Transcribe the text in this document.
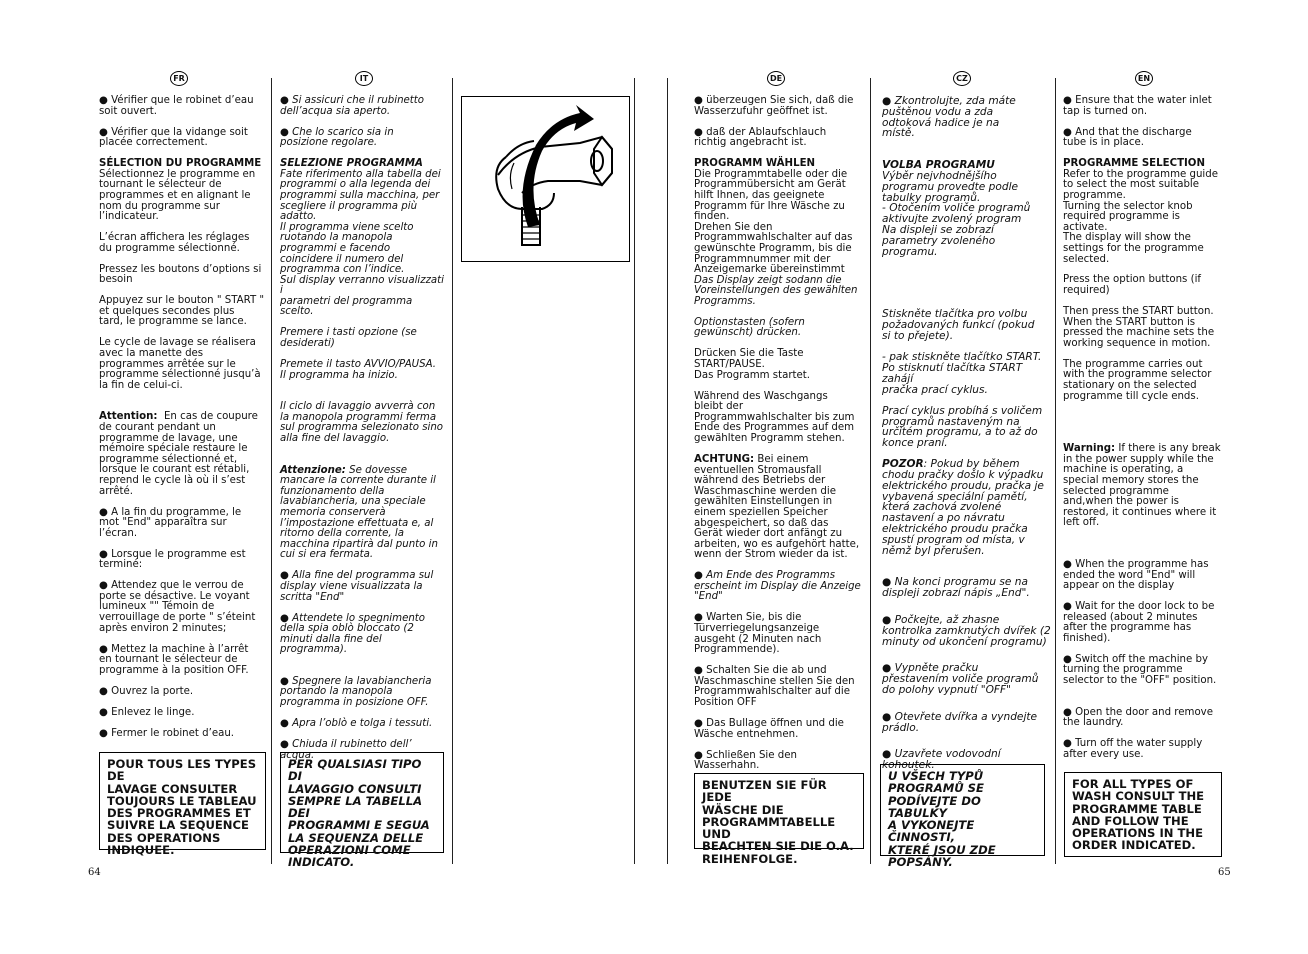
FR	IT	DE	CZ	EN

● Vérifier que le robinet d’eau
soit ouvert.

● Vérifier que la vidange soit
placée correctement.

SÉLECTION DU PROGRAMME
Sélectionnez le programme en
tournant le sélecteur de
programmes et en alignant le
nom du programme sur
l’indicateur.

L’écran affichera les réglages
du programme sélectionné.

Pressez les boutons d’options si
besoin

Appuyez sur le bouton " START "
et quelques secondes plus
tard, le programme se lance.

Le cycle de lavage se réalisera
avec la manette des
programmes arrêtée sur le
programme sélectionné jusqu’à
la fin de celui-ci.

Attention: En cas de coupure
de courant pendant un
programme de lavage, une
mémoire spéciale restaure le
programme sélectionné et,
lorsque le courant est rétabli,
reprend le cycle là où il s’est
arrêté.

● A la fin du programme, le
mot "End" apparaîtra sur
l’écran.

● Lorsque le programme est
terminé:

● Attendez que le verrou de
porte se désactive. Le voyant
lumineux "" Témoin de
verrouillage de porte " s’éteint
après environ 2 minutes;

● Mettez la machine à l’arrêt
en tournant le sélecteur de
programme à la position OFF.

● Ouvrez la porte.

● Enlevez le linge.

● Fermer le robinet d’eau.

● Si assicuri che il rubinetto
dell’acqua sia aperto.

● Che lo scarico sia in
posizione regolare.

SELEZIONE PROGRAMMA
Fate riferimento alla tabella dei
programmi o alla legenda dei
programmi sulla macchina, per
scegliere il programma più
adatto.
Il programma viene scelto
ruotando la manopola
programmi e facendo
coincidere il numero del
programma con l’indice.
Sul display verranno visualizzati i
parametri del programma
scelto.

Premere i tasti opzione (se
desiderati)

Premete il tasto AVVIO/PAUSA.
Il programma ha inizio.

Il ciclo di lavaggio avverrà con
la manopola programmi ferma
sul programma selezionato sino
alla fine del lavaggio.

Attenzione: Se dovesse
mancare la corrente durante il
funzionamento della
lavabiancheria, una speciale
memoria conserverà
l’impostazione effettuata e, al
ritorno della corrente, la
macchina ripartirà dal punto in
cui si era fermata.

● Alla fine del programma sul
display viene visualizzata la
scritta "End"

● Attendete lo spegnimento
della spia oblò bloccato (2
minuti dalla fine del
programma).

● Spegnere la lavabiancheria
portando la manopola
programma in posizione OFF.

● Apra l’oblò e tolga i tessuti.

● Chiuda il rubinetto dell’
acqua.

● überzeugen Sie sich, daß die
Wasserzufuhr geöffnet ist.

● daß der Ablaufschlauch
richtig angebracht ist.

PROGRAMM WÄHLEN
Die Programmtabelle oder die
Programmübersicht am Gerät
hilft Ihnen, das geeignete
Programm für Ihre Wäsche zu
finden.
Drehen Sie den
Programmwahlschalter auf das
gewünschte Programm, bis die
Programmnummer mit der
Anzeigemarke übereinstimmt
Das Display zeigt sodann die
Voreinstellungen des gewählten
Programms.

Optionstasten (sofern
gewünscht) drücken.

Drücken Sie die Taste
START/PAUSE.
Das Programm startet.

Während des Waschgangs
bleibt der
Programmwahlschalter bis zum
Ende des Programmes auf dem
gewählten Programm stehen.

ACHTUNG: Bei einem
eventuellen Stromausfall
während des Betriebs der
Waschmaschine werden die
gewählten Einstellungen in
einem speziellen Speicher
abgespeichert, so daß das
Gerät wieder dort anfängt zu
arbeiten, wo es aufgehört hatte,
wenn der Strom wieder da ist.

● Am Ende des Programms
erscheint im Display die Anzeige
"End"

● Warten Sie, bis die
Türverriegelungsanzeige
ausgeht (2 Minuten nach
Programmende).

● Schalten Sie die ab und
Waschmaschine stellen Sie den
Programmwahlschalter auf die
Position OFF

● Das Bullage öffnen und die
Wäsche entnehmen.

● Schließen Sie den
Wasserhahn.

● Zkontrolujte, zda máte
puštěnou vodu a zda
odtoková hadice je na
místě.

VOLBA PROGRAMU
Výběr nejvhodnějšího
programu provedte podle
tabulky programů.
- Otočením voliče programů
aktivujte zvolený program
Na displeji se zobrazí
parametry zvoleného
programu.

Stiskněte tlačítka pro volbu
požadovaných funkcí (pokud
si to přejete).

- pak stiskněte tlačítko START.
Po stisknutí tlačítka START zahájí
pračka prací cyklus.

Prací cyklus probíhá s voličem
programů nastaveným na
určitém programu, a to až do
konce praní.

POZOR: Pokud by během
chodu pračky došlo k výpadku
elektrického proudu, pračka je
vybavená speciální pamětí,
která zachová zvolené
nastavení a po návratu
elektrického proudu pračka
spustí program od místa, v
němž byl přerušen.

● Na konci programu se na
displeji zobrazí nápis „End".

● Počkejte, až zhasne
kontrolka zamknutých dvířek (2
minuty od ukončení programu)

● Vypněte pračku
přestavením voliče programů
do polohy vypnutí "OFF"

● Otevřete dvířka a vyndejte
prádlo.

● Uzavřete vodovodní
kohoutek.

● Ensure that the water inlet
tap is turned on.

● And that the discharge
tube is in place.

PROGRAMME SELECTION
Refer to the programme guide
to select the most suitable
programme.
Turning the selector knob
required programme is
activate.
The display will show the
settings for the programme
selected.

Press the option buttons (if
required)

Then press the START button.
When the START button is
pressed the machine sets the
working sequence in motion.

The programme carries out
with the programme selector
stationary on the selected
programme till cycle ends.

Warning: If there is any break
in the power supply while the
machine is operating, a
special memory stores the
selected programme
and,when the power is
restored, it continues where it
left off.

● When the programme has
ended the word "End" will
appear on the display

● Wait for the door lock to be
released (about 2 minutes
after the programme has
finished).

● Switch off the machine by
turning the programme
selector to the "OFF" position.

● Open the door and remove
the laundry.

● Turn off the water supply
after every use.

POUR TOUS LES TYPES DE
LAVAGE CONSULTER
TOUJOURS LE TABLEAU
DES PROGRAMMES ET
SUIVRE LA SEQUENCE
DES OPERATIONS
INDIQUEE.
PER QUALSIASI TIPO DI
LAVAGGIO CONSULTI
SEMPRE LA TABELLA DEI
PROGRAMMI E SEGUA
LA SEQUENZA DELLE
OPERAZIONI COME
INDICATO.
BENUTZEN SIE FÜR JEDE
WÄSCHE DIE
PROGRAMMTABELLE UND
BEACHTEN SIE DIE O.A.
REIHENFOLGE.
U VŠECH TYPŮ
PROGRAMŮ SE
PODÍVEJTE DO TABULKY
A VYKONEJTE ČINNOSTI,
KTERÉ JSOU ZDE
POPSÁNY.
FOR ALL TYPES OF
WASH CONSULT THE
PROGRAMME TABLE
AND FOLLOW THE
OPERATIONS IN THE
ORDER INDICATED.
64	65
